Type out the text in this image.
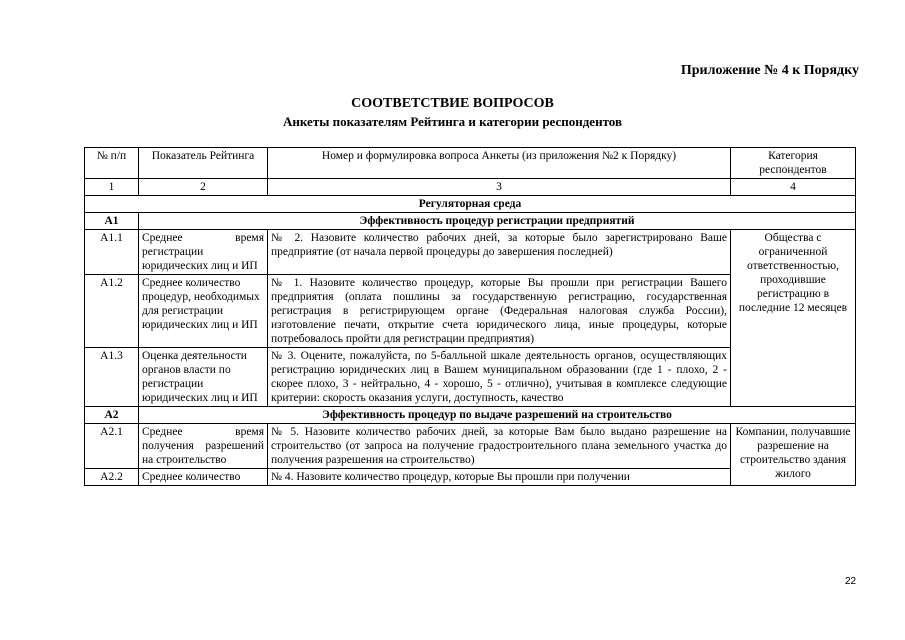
Приложение № 4 к Порядку
СООТВЕТСТВИЕ ВОПРОСОВ
Анкеты показателям Рейтинга и категории респондентов
№ п/п	Показатель Рейтинга	Номер и формулировка вопроса Анкеты (из приложения №2 к Порядку)	Категория респондентов
1	2	3	4
Регуляторная среда			
А1	Эффективность процедур регистрации предприятий		
А1.1	Среднее время регистрации юридических лиц и ИП	№ 2. Назовите количество рабочих дней, за которые было зарегистрировано Ваше предприятие (от начала первой процедуры до завершения последней)	Общества с ограниченной ответственностью, проходившие регистрацию в последние 12 месяцев
А1.2	Среднее количество процедур, необходимых для регистрации юридических лиц и ИП	№ 1. Назовите количество процедур, которые Вы прошли при регистрации Вашего предприятия (оплата пошлины за государственную регистрацию, государственная регистрация в регистрирующем органе (Федеральная налоговая служба России), изготовление печати, открытие счета юридического лица, иные процедуры, которые потребовалось пройти для регистрации предприятия)	
А1.3	Оценка деятельности органов власти по регистрации юридических лиц и ИП	№ 3. Оцените, пожалуйста, по 5-балльной шкале деятельность органов, осуществляющих регистрацию юридических лиц в Вашем муниципальном образовании (где 1 - плохо, 2 - скорее плохо, 3 - нейтрально, 4 - хорошо, 5 - отлично), учитывая в комплексе следующие критерии: скорость оказания услуги, доступность, качество	
А2	Эффективность процедур по выдаче разрешений на строительство		
А2.1	Среднее время получения разрешений на строительство	№ 5. Назовите количество рабочих дней, за которые Вам было выдано разрешение на строительство (от запроса на получение градостроительного плана земельного участка до получения разрешения на строительство)	Компании, получавшие разрешение на строительство здания жилого
А2.2	Среднее количество	№ 4. Назовите количество процедур, которые Вы прошли при получении	
22
